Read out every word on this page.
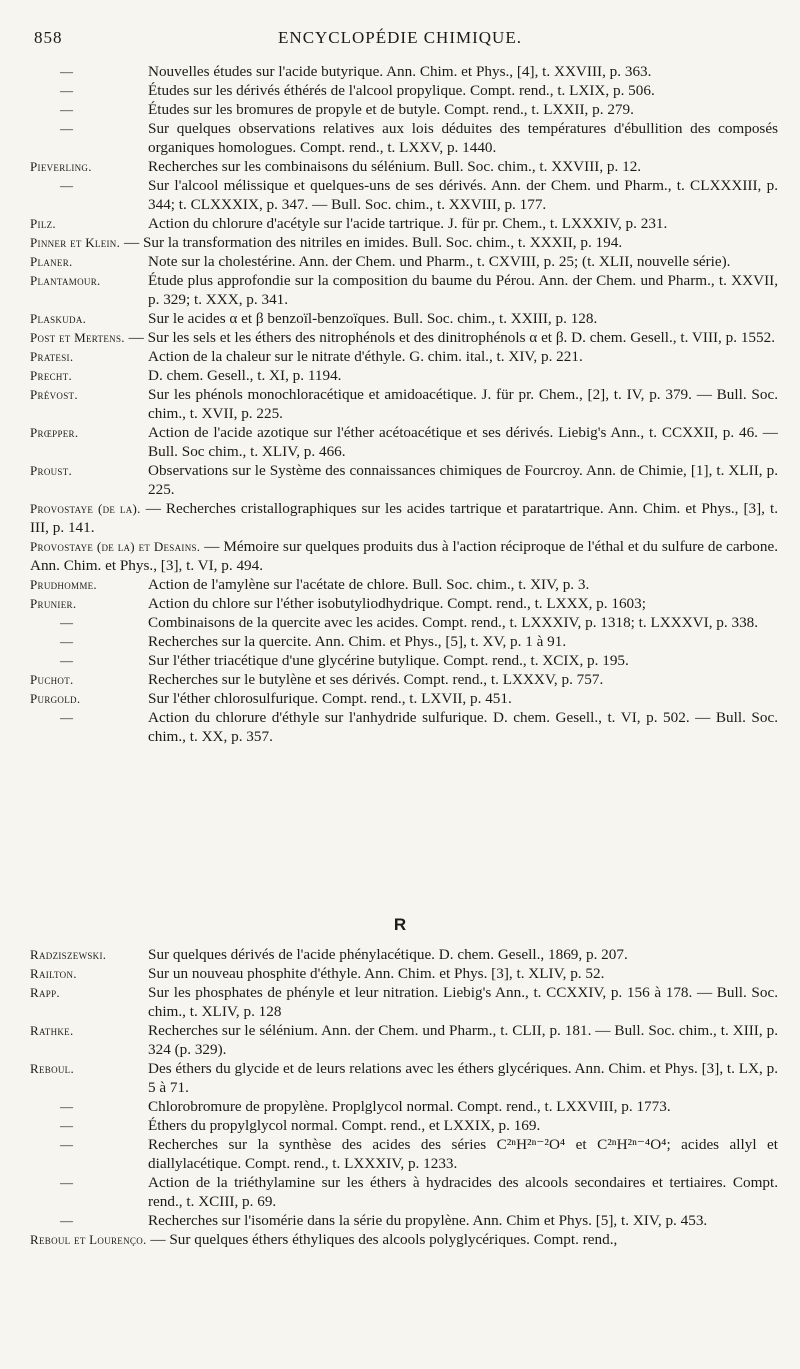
858	ENCYCLOPÉDIE CHIMIQUE.
—	Nouvelles études sur l'acide butyrique. Ann. Chim. et Phys., [4], t. XXVIII, p. 363.
—	Études sur les dérivés éthérés de l'alcool propylique. Compt. rend., t. LXIX, p. 506.
—	Études sur les bromures de propyle et de butyle. Compt. rend., t. LXXII, p. 279.
—	Sur quelques observations relatives aux lois déduites des températures d'ébullition des composés organiques homologues. Compt. rend., t. LXXV, p. 1440.
Pieverling.	Recherches sur les combinaisons du sélénium. Bull. Soc. chim., t. XXVIII, p. 12.
—	Sur l'alcool mélissique et quelques-uns de ses dérivés. Ann. der Chem. und Pharm., t. CLXXXIII, p. 344; t. CLXXXIX, p. 347. — Bull. Soc. chim., t. XXVIII, p. 177.
Pilz.	Action du chlorure d'acétyle sur l'acide tartrique. J. für pr. Chem., t. LXXXIV, p. 231.
Pinner et Klein. — Sur la transformation des nitriles en imides. Bull. Soc. chim., t. XXXII, p. 194.
Planer.	Note sur la cholestérine. Ann. der Chem. und Pharm., t. CXVIII, p. 25; (t. XLII, nouvelle série).
Plantamour.	Étude plus approfondie sur la composition du baume du Pérou. Ann. der Chem. und Pharm., t. XXVII, p. 329; t. XXX, p. 341.
Plaskuda.	Sur le acides α et β benzoïl-benzoïques. Bull. Soc. chim., t. XXIII, p. 128.
Post et Mertens. — Sur les sels et les éthers des nitrophénols et des dinitrophénols α et β. D. chem. Gesell., t. VIII, p. 1552.
Pratesi.	Action de la chaleur sur le nitrate d'éthyle. G. chim. ital., t. XIV, p. 221.
Precht.	D. chem. Gesell., t. XI, p. 1194.
Prévost.	Sur les phénols monochloracétique et amidoacétique. J. für pr. Chem., [2], t. IV, p. 379. — Bull. Soc. chim., t. XVII, p. 225.
Prœpper.	Action de l'acide azotique sur l'éther acétoacétique et ses dérivés. Liebig's Ann., t. CCXXII, p. 46. — Bull. Soc chim., t. XLIV, p. 466.
Proust.	Observations sur le Système des connaissances chimiques de Fourcroy. Ann. de Chimie, [1], t. XLII, p. 225.
Provostaye (de la). — Recherches cristallographiques sur les acides tartrique et paratartrique. Ann. Chim. et Phys., [3], t. III, p. 141.
Provostaye (de la) et Desains. — Mémoire sur quelques produits dus à l'action réciproque de l'éthal et du sulfure de carbone. Ann. Chim. et Phys., [3], t. VI, p. 494.
Prudhomme.	Action de l'amylène sur l'acétate de chlore. Bull. Soc. chim., t. XIV, p. 3.
Prunier.	Action du chlore sur l'éther isobutyliodhydrique. Compt. rend., t. LXXX, p. 1603;
—	Combinaisons de la quercite avec les acides. Compt. rend., t. LXXXIV, p. 1318; t. LXXXVI, p. 338.
—	Recherches sur la quercite. Ann. Chim. et Phys., [5], t. XV, p. 1 à 91.
—	Sur l'éther triacétique d'une glycérine butylique. Compt. rend., t. XCIX, p. 195.
Puchot.	Recherches sur le butylène et ses dérivés. Compt. rend., t. LXXXV, p. 757.
Purgold.	Sur l'éther chlorosulfurique. Compt. rend., t. LXVII, p. 451.
—	Action du chlorure d'éthyle sur l'anhydride sulfurique. D. chem. Gesell., t. VI, p. 502. — Bull. Soc. chim., t. XX, p. 357.
R
Radziszewski.	Sur quelques dérivés de l'acide phénylacétique. D. chem. Gesell., 1869, p. 207.
Railton.	Sur un nouveau phosphite d'éthyle. Ann. Chim. et Phys. [3], t. XLIV, p. 52.
Rapp.	Sur les phosphates de phényle et leur nitration. Liebig's Ann., t. CCXXIV, p. 156 à 178. — Bull. Soc. chim., t. XLIV, p. 128
Rathke.	Recherches sur le sélénium. Ann. der Chem. und Pharm., t. CLII, p. 181. — Bull. Soc. chim., t. XIII, p. 324 (p. 329).
Reboul.	Des éthers du glycide et de leurs relations avec les éthers glycériques. Ann. Chim. et Phys. [3], t. LX, p. 5 à 71.
—	Chlorobromure de propylène. Proplglycol normal. Compt. rend., t. LXXVIII, p. 1773.
—	Éthers du propylglycol normal. Compt. rend., et LXXIX, p. 169.
—	Recherches sur la synthèse des acides des séries C²ⁿH²ⁿ⁻²O⁴ et C²ⁿH²ⁿ⁻⁴O⁴; acides allyl et diallylacétique. Compt. rend., t. LXXXIV, p. 1233.
—	Action de la triéthylamine sur les éthers à hydracides des alcools secondaires et tertiaires. Compt. rend., t. XCIII, p. 69.
—	Recherches sur l'isomérie dans la série du propylène. Ann. Chim et Phys. [5], t. XIV, p. 453.
Reboul et Lourenço. — Sur quelques éthers éthyliques des alcools polyglycériques. Compt. rend.,
